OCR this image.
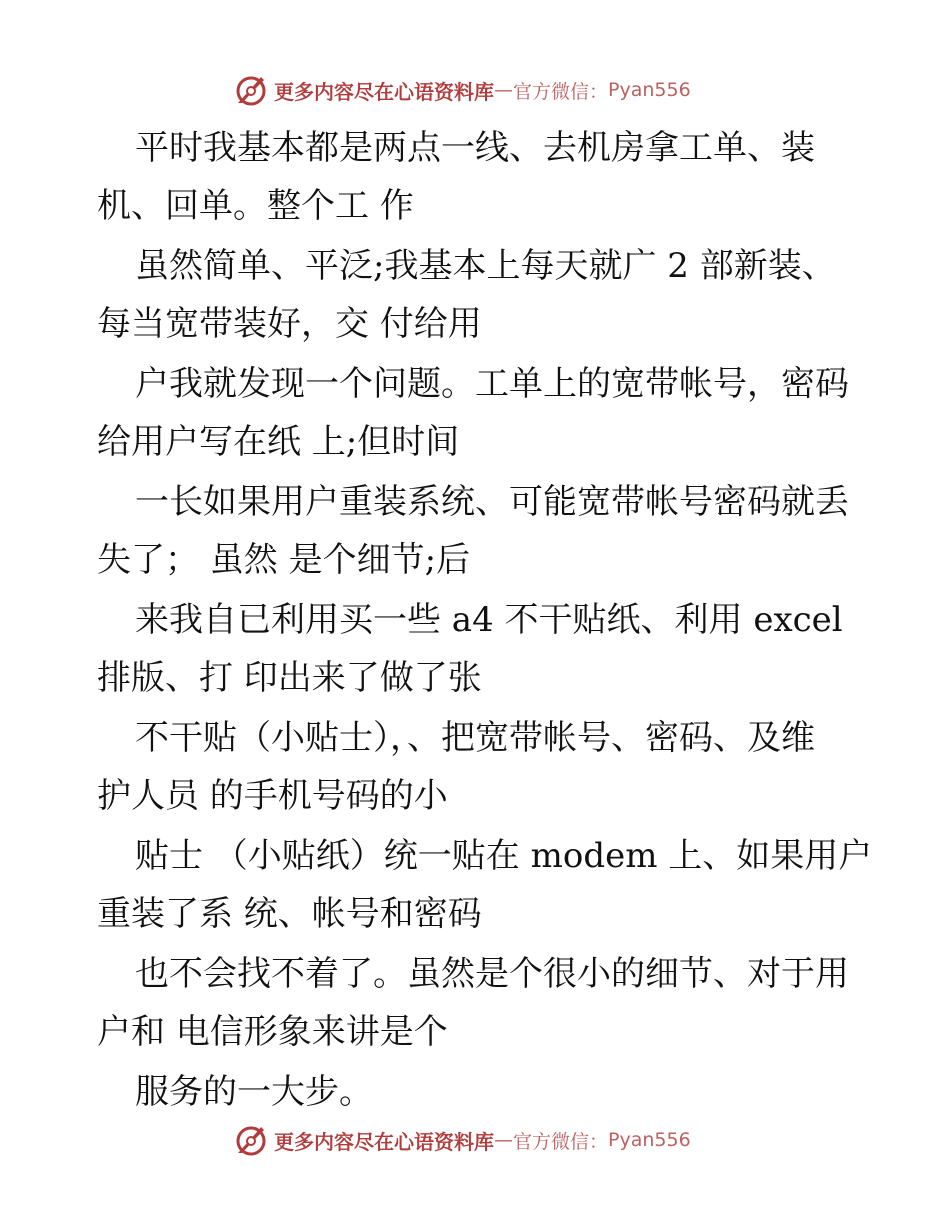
更多内容尽在心语资料库 — 官方微信： Pyan556
平时我基本都是两点一线、去机房拿工单、装
机、回单。整个工 作
虽然简单、平泛;我基本上每天就广 2 部新装、
每当宽带装好，交 付给用
户我就发现一个问题。工单上的宽带帐号，密码
给用户写在纸 上;但时间
一长如果用户重装系统、可能宽带帐号密码就丢
失了； 虽然 是个细节;后
来我自已利用买一些 a4 不干贴纸、利用 excel
排版、打 印出来了做了张
不干贴（小贴士），、把宽带帐号、密码、及维
护人员 的手机号码的小
贴士 （小贴纸）统一贴在 modem 上、如果用户
重装了系 统、帐号和密码
也不会找不着了。虽然是个很小的细节、对于用
户和 电信形象来讲是个
服务的一大步。
更多内容尽在心语资料库 — 官方微信： Pyan556
